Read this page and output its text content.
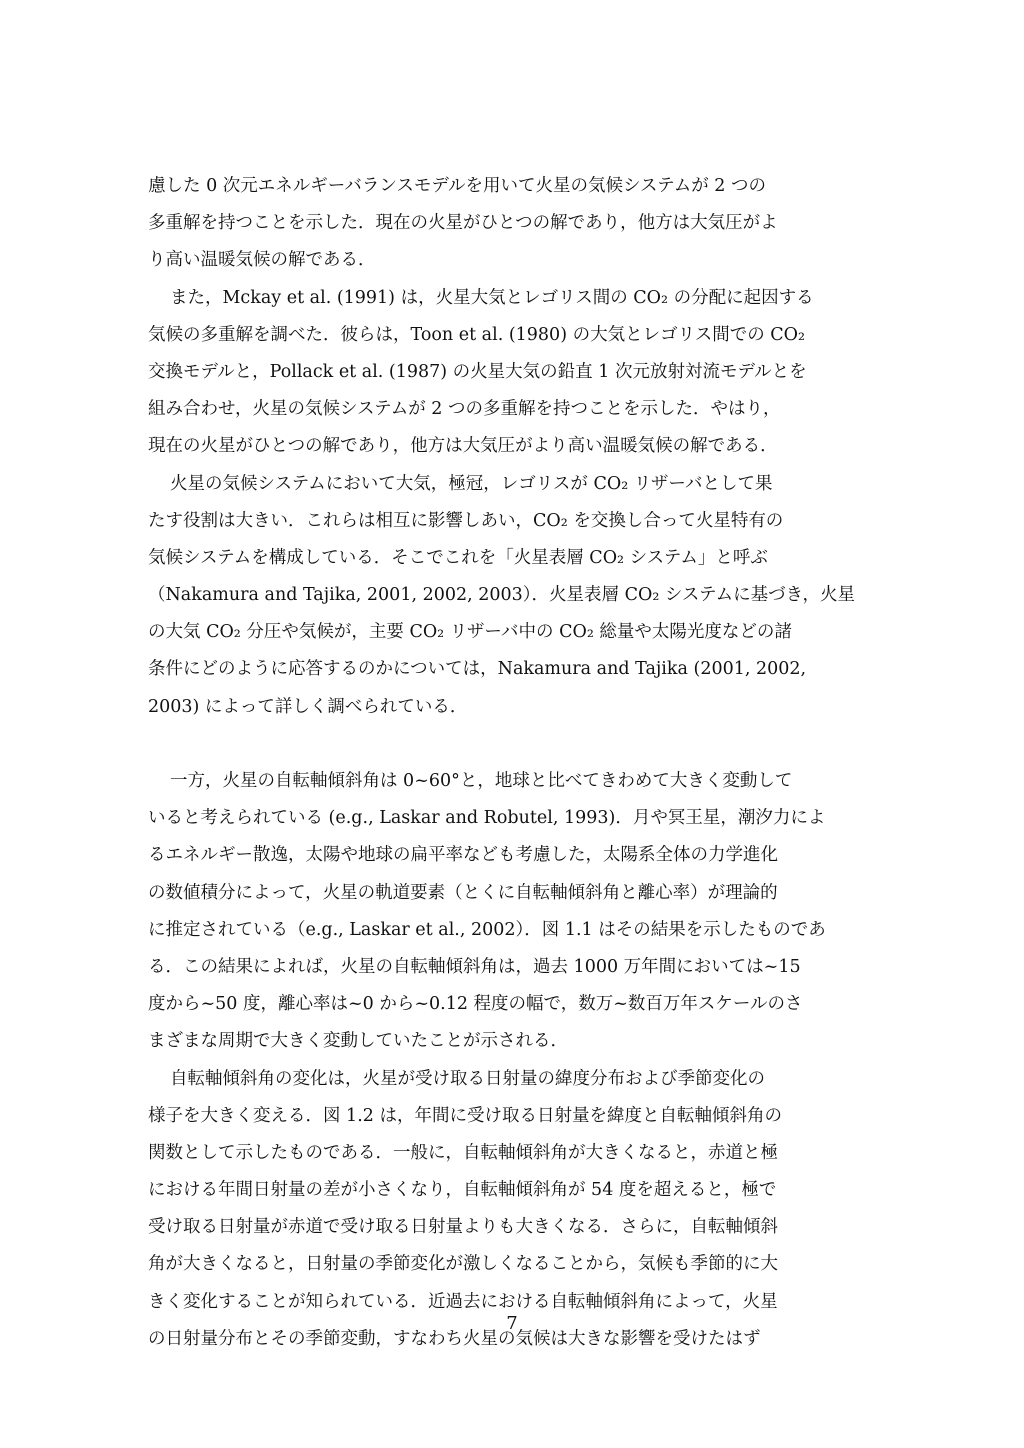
慮した 0 次元エネルギーバランスモデルを用いて火星の気候システムが 2 つの
多重解を持つことを示した．現在の火星がひとつの解であり，他方は大気圧がよ
り高い温暖気候の解である．
また，Mckay et al. (1991) は，火星大気とレゴリス間の CO₂ の分配に起因する
気候の多重解を調べた．彼らは，Toon et al. (1980) の大気とレゴリス間での CO₂
交換モデルと，Pollack et al. (1987) の火星大気の鉛直 1 次元放射対流モデルとを
組み合わせ，火星の気候システムが 2 つの多重解を持つことを示した．やはり，
現在の火星がひとつの解であり，他方は大気圧がより高い温暖気候の解である．
火星の気候システムにおいて大気，極冠，レゴリスが CO₂ リザーバとして果
たす役割は大きい．これらは相互に影響しあい，CO₂ を交換し合って火星特有の
気候システムを構成している．そこでこれを「火星表層 CO₂ システム」と呼ぶ
（Nakamura and Tajika, 2001, 2002, 2003）．火星表層 CO₂ システムに基づき，火星
の大気 CO₂ 分圧や気候が，主要 CO₂ リザーバ中の CO₂ 総量や太陽光度などの諸
条件にどのように応答するのかについては，Nakamura and Tajika (2001, 2002,
2003) によって詳しく調べられている．
一方，火星の自転軸傾斜角は 0~60°と，地球と比べてきわめて大きく変動して
いると考えられている (e.g., Laskar and Robutel, 1993)．月や冥王星，潮汐力によ
るエネルギー散逸，太陽や地球の扁平率なども考慮した，太陽系全体の力学進化
の数値積分によって，火星の軌道要素（とくに自転軸傾斜角と離心率）が理論的
に推定されている（e.g., Laskar et al., 2002）．図 1.1 はその結果を示したものであ
る．この結果によれば，火星の自転軸傾斜角は，過去 1000 万年間においては~15
度から~50 度，離心率は~0 から~0.12 程度の幅で，数万~数百万年スケールのさ
まざまな周期で大きく変動していたことが示される．
自転軸傾斜角の変化は，火星が受け取る日射量の緯度分布および季節変化の
様子を大きく変える．図 1.2 は，年間に受け取る日射量を緯度と自転軸傾斜角の
関数として示したものである．一般に，自転軸傾斜角が大きくなると，赤道と極
における年間日射量の差が小さくなり，自転軸傾斜角が 54 度を超えると，極で
受け取る日射量が赤道で受け取る日射量よりも大きくなる．さらに，自転軸傾斜
角が大きくなると，日射量の季節変化が激しくなることから，気候も季節的に大
きく変化することが知られている．近過去における自転軸傾斜角によって，火星
の日射量分布とその季節変動，すなわち火星の気候は大きな影響を受けたはず
7
